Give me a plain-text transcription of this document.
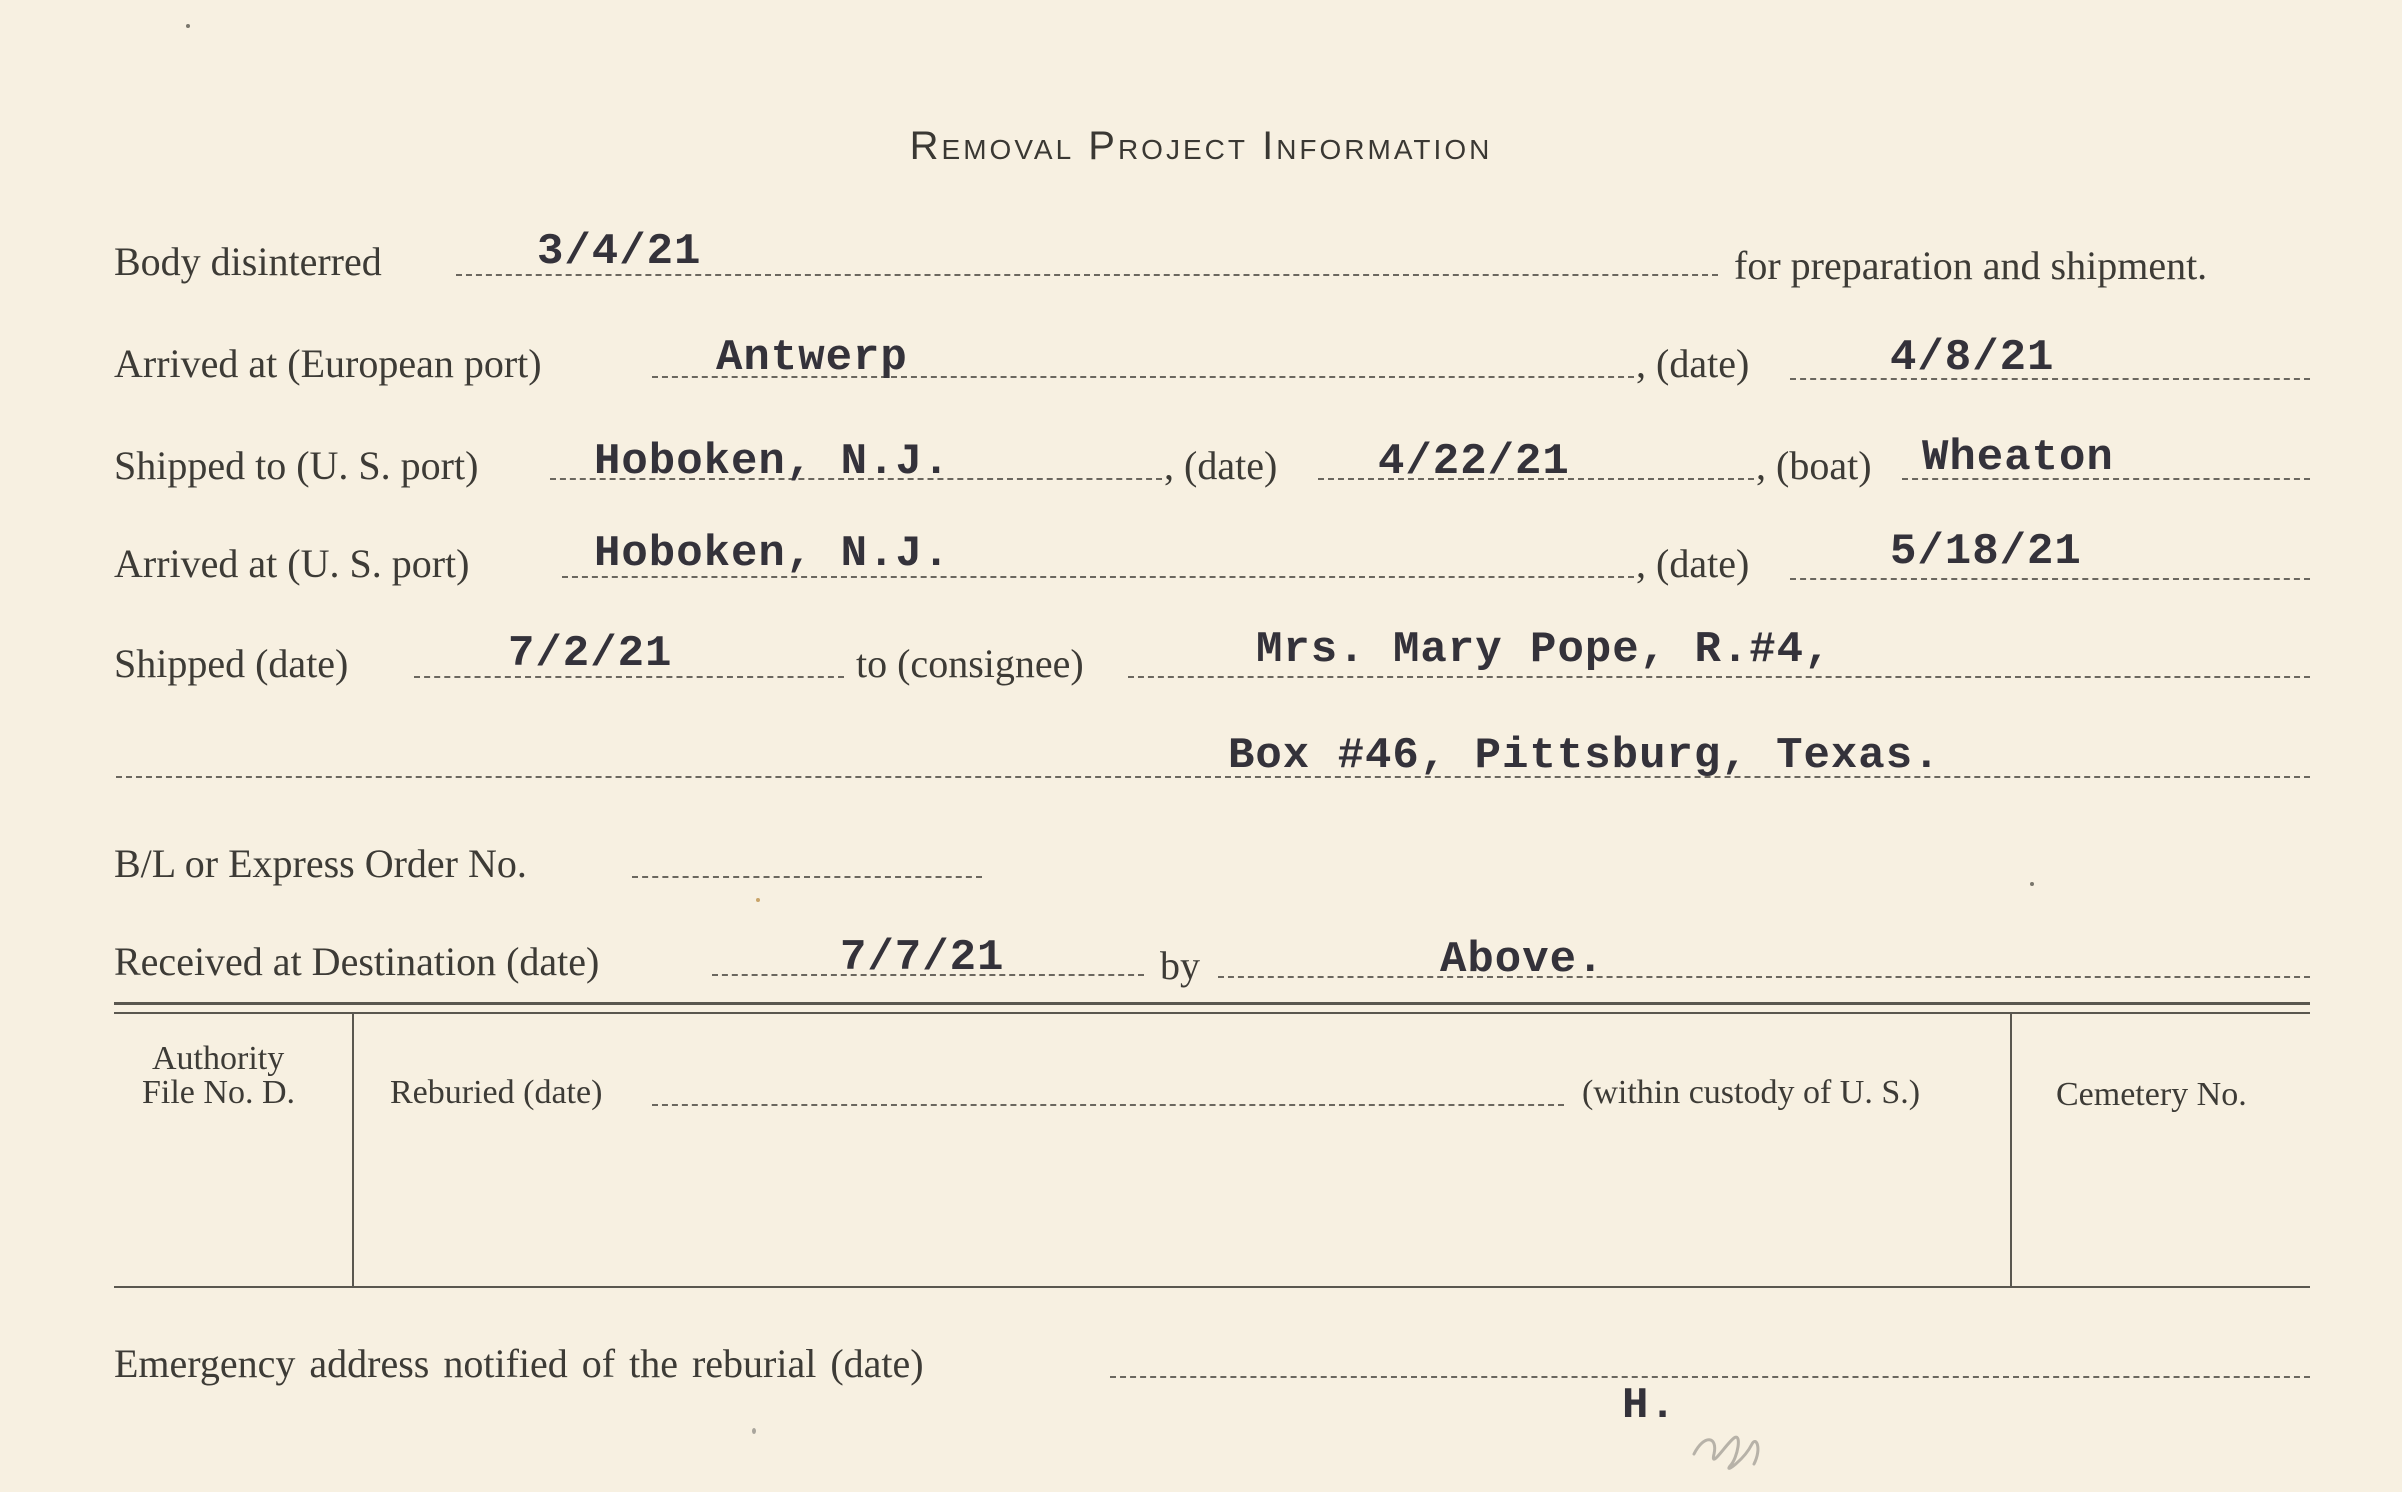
Removal Project Information
Body disinterred	3/4/21	for preparation and shipment.
Arrived at (European port)	Antwerp	, (date)	4/8/21
Shipped to (U. S. port)	Hoboken, N.J.	, (date) 4/22/21	, (boat) Wheaton
Arrived at (U. S. port)	Hoboken, N.J.	, (date)	5/18/21
Shipped (date)	7/2/21	to (consignee)	Mrs. Mary Pope, R.#4,
Box #46, Pittsburg, Texas.
B/L or Express Order No.
Received at Destination (date)	7/7/21	by	Above.
Authority
File No. D.	Reburied (date)	(within custody of U. S.)	Cemetery No.
Emergency address notified of the reburial (date)
H.
